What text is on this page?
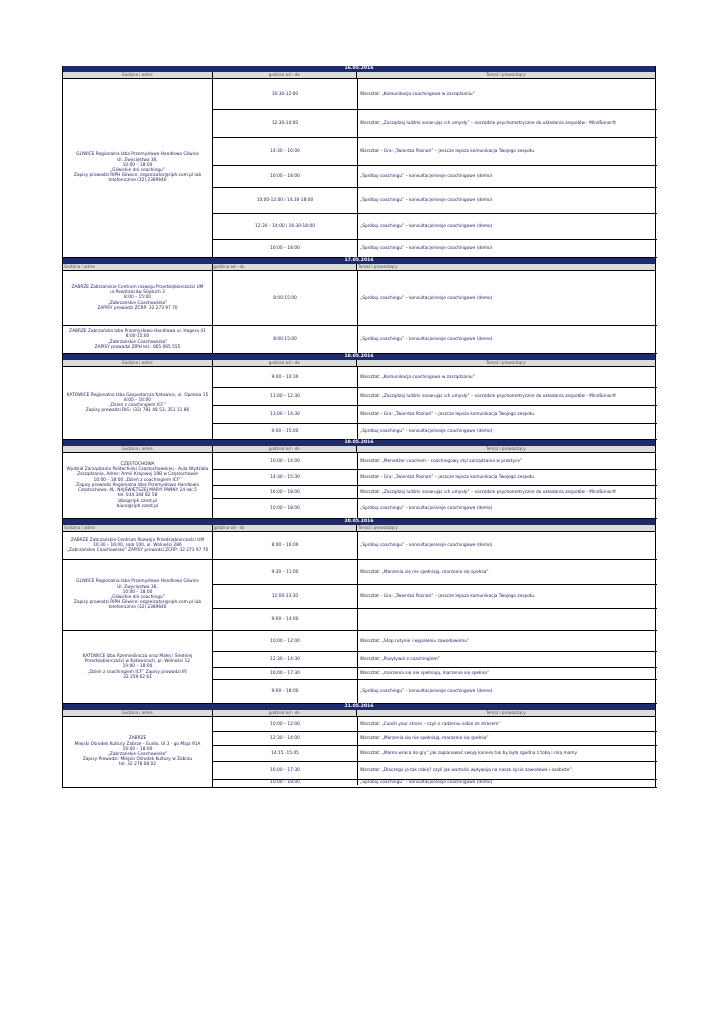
16.05.2016
Godzina i adres	godzina od - do	Temat i prowadzący
GLIWICE Regionalna Izba Przemysłowo Handlowa Gliwice
Ul. Zwycięstwa 36,
10:00 – 18:00
„Gliwickie dni coachingu”
Zapisy prowadzi RIPH Gliwice: organizator@riph.com.pl lub
telefonicznie (32) 2389640
10:30-12:00	Warsztat: „Komunikacja coachingowa w zarządzaniu”
12:30-14:00	Warsztat: „Zarządzaj ludźmi sonarując ich umysły” – narzędzie psychometryczne do układania zespołów - MindSonar®
14:30 – 16:00	Warsztat – Gra: „Twierdza Poznań” – jeszcze lepsza komunikacja Twojego zespołu.
10:00 – 18:00	„Spróbuj coachingu” – konsultacje/sesje coachingowe (demo)
10:00-12:00 i 14:30-18:00	„Spróbuj coachingu” – konsultacje/sesje coachingowe (demo)
12:30 – 14:00 i 16:30-18:00	„Spróbuj coachingu” – konsultacje/sesje coachingowe (demo)
10:00 – 18:00	„Spróbuj coachingu” – konsultacje/sesje coachingowe (demo)
17.05.2016
Godzina i adres	godzina od - do	Temat i prowadzący
ZABRZE Zabrzańskie Centrum rozwoju Przedsiębiorczości UM
ul.Powstańców Śląskich 3
8:00 – 15:00
„Zabrzańskie Coachowisko”
ZAPISY prowadzi ZCRP: 32 273 97 70
8:00-15:00	„Spróbuj coachingu” – konsultacje/sesje coachingowe (demo)
ZABRZE Zabrzańska Izba Przemysłowo Handlowa ul. Hagera 41
8:00-15:00
„Zabrzańskie Coachowisko”
ZAPISY prowadzi ZIPH tel.: 665 065 555
8:00-15:00	„Spróbuj coachingu” – konsultacje/sesje coachingowe (demo)
18.05.2016
Godzina i adres	godzina od - do	Temat i prowadzący
KATOWICE Regionalna Izba Gospodarcza Katowice, ul. Opolska 15
8:00 – 16:00
„Dzień z coachingiem ICF”
Zapisy prowadzi RIG: (32) 781 48 53, 351 11 86
9:00 – 10:30	Warsztat: „Komunikacja coachingowa w zarządzaniu”
11:00 – 12:30	Warsztat: „Zarządzaj ludźmi sonarując ich umysły” – narzędzie psychometryczne do układania zespołów - MindSonar®
13:00 – 14:30	Warsztat – Gra: „Twierdza Poznań” – jeszcze lepsza komunikacja Twojego zespołu.
9:00 – 15:00	„Spróbuj coachingu” – konsultacje/sesje coachingowe (demo)
19.05.2016
Godzina i adres	godzina od - do	Temat i prowadzący
CZĘSTOCHOWA
Wydział Zarządzania Politechniki Częstochowskiej - Aula Wydziału
Zarządzania, Adres: Armii Krajowej 19B w Częstochowie
10:00 – 18:00 „Dzień z coachingiem ICF”
Zapisy prowadzi Regionalna Izba Przemysłowo Handlowa
Częstochowa, AL. NAJŚWIĘTSZEJ MARYI PANNY 24 lok.5
tel. 034 344 82 58
izba@riph.czest.pl
biuro@riph.czest.pl
10:00 – 14:00	Warsztat: „Menedżer coachem – coachingowy styl zarządzania w praktyce”
14:30 – 15:30	Warsztat – Gra: „Twierdza Poznań” – jeszcze lepsza komunikacja Twojego zespołu.
16:00 – 18:00	Warsztat: „Zarządzaj ludźmi sonarując ich umysły” – narzędzie psychometryczne do układania zespołów - MindSonar®
10:00 – 18:00	„Spróbuj coachingu” – konsultacje/sesje coachingowe (demo)
20.05.2016
Godzina i adres	godzina od - do	Temat i prowadzący
ZABRZE Zabrzańskie Centrum Rozwoju Przedsiębiorczości UM
10:30 – 16:00, sala 100, ul. Wolności 286
„Zabrzańskie Coachowisko” ZAPISY prowadzi ZCRP: 32 273 97 70
8:00 – 16:00	„Spróbuj coachingu” – konsultacje/sesje coachingowe (demo)
GLIWICE Regionalna Izba Przemysłowo Handlowa Gliwice
Ul. Zwycięstwa 36,
10:00 – 18:00
„Gliwickie dni coachingu”
Zapisy prowadzi RIPH Gliwice: organizator@riph.com.pl lub
telefonicznie (32) 2389640
9:30 – 11:00	Warsztat: „Marzenia się nie spełniają, marzenia się spełnia”
12:00-13:30	Warsztat – Gra: „Twierdza Poznań” – jeszcze lepsza komunikacja Twojego zespołu.
9:00 – 14:00
KATOWICE Izba Rzemieślnicza oraz Małej i Średniej
Przedsiębiorczości w Katowicach, pl. Wolności 12
10:00 – 18:00
„Dzień z coachingiem ICF” Zapisy prowadzi IR:
32 259 62 61
10:00 – 12:00	Warsztat: „Stop rutynie i wypaleniu zawodowemu”
12:30 – 14:30	Warsztat: „Pozytywni z coachingiem”
16:00 – 17:30	Warsztat: „marzenia się nie spełniają, marzenia się spełnia”
9:00 – 18:00	„Spróbuj coachingu” – konsultacje/sesje coachingowe (demo)
21.05.2016
Godzina i adres	godzina od - do	Temat i prowadzący
ZABRZE
Miejski Ośrodek Kultury Zabrze - Guido, Ul.3 - go Maja 91A
10:00 – 18:00
„Zabrzańskie Coachowisko”
Zapisy Prowadzi: Miejski Ośrodek Kultury w Zabrzu
tel. 32 278 08 02
10:00 – 12:00	Warsztat: „Coach your stress – czyli o radzeniu sobie ze stresem”
12:30 – 14:00	Warsztat: „Marzenia się nie spełniają, marzenia się spełnia”
14:15 -15:45	Warsztat: „Mama wraca do gry” jak zaplanować swoją karierę tak by była zgodna z tobą i rolą mamy
16:00 – 17:30	Warsztat: „Dlaczego ja tak robię? czyli jak wartości wpływają na nasze życie zawodowe i osobiste”.
10:00 – 18:00	„Spróbuj coachingu” – konsultacje/sesje coachingowe (demo)
